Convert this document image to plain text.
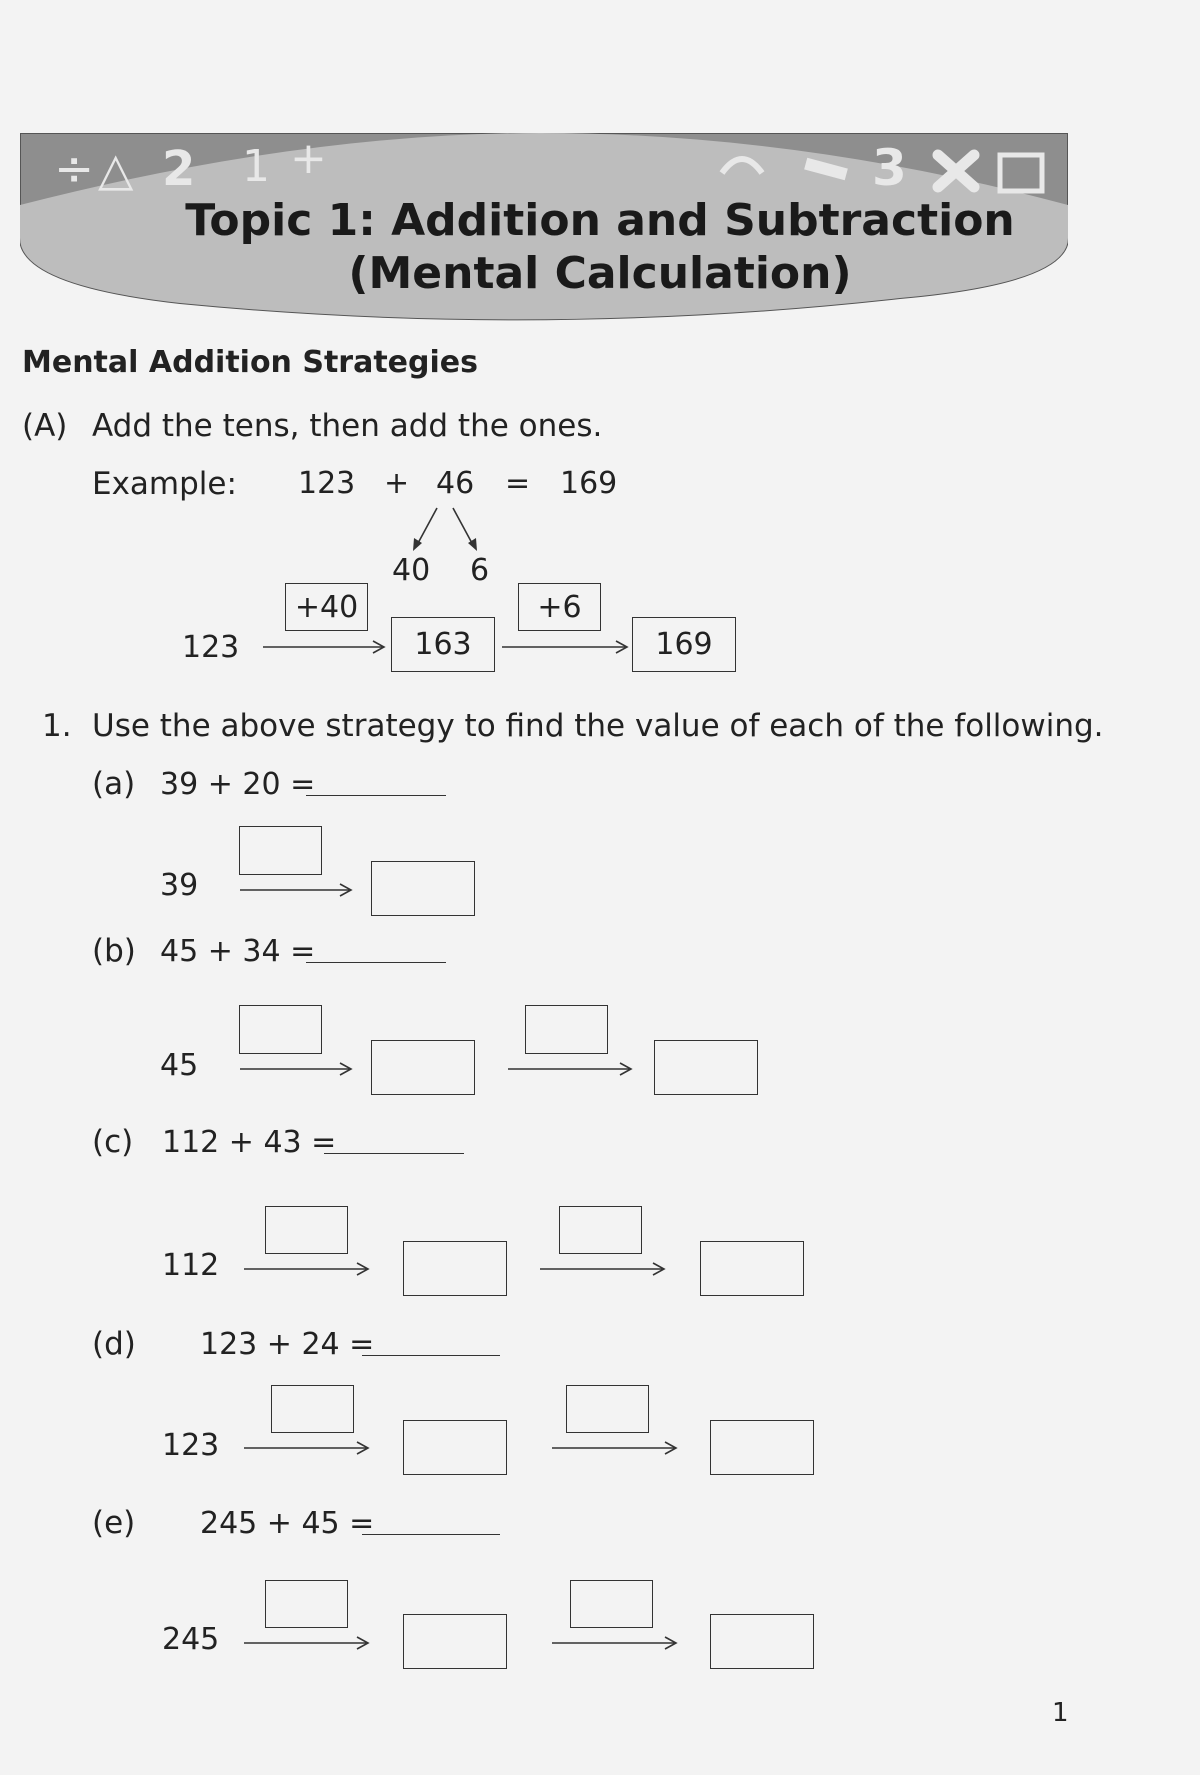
÷ △ 2 1 +	3
Topic 1: Addition and Subtraction
(Mental Calculation)
Mental Addition Strategies
(A) Add the tens, then add the ones.
Example: 123 + 46 = 169
40 6
123
+40
163
+6
169
1. Use the above strategy to find the value of each of the following.
(a) 39 + 20 =
39
(b) 45 + 34 =
45
(c) 112 + 43 =
112
(d) 123 + 24 =
123
(e) 245 + 45 =
245
1
